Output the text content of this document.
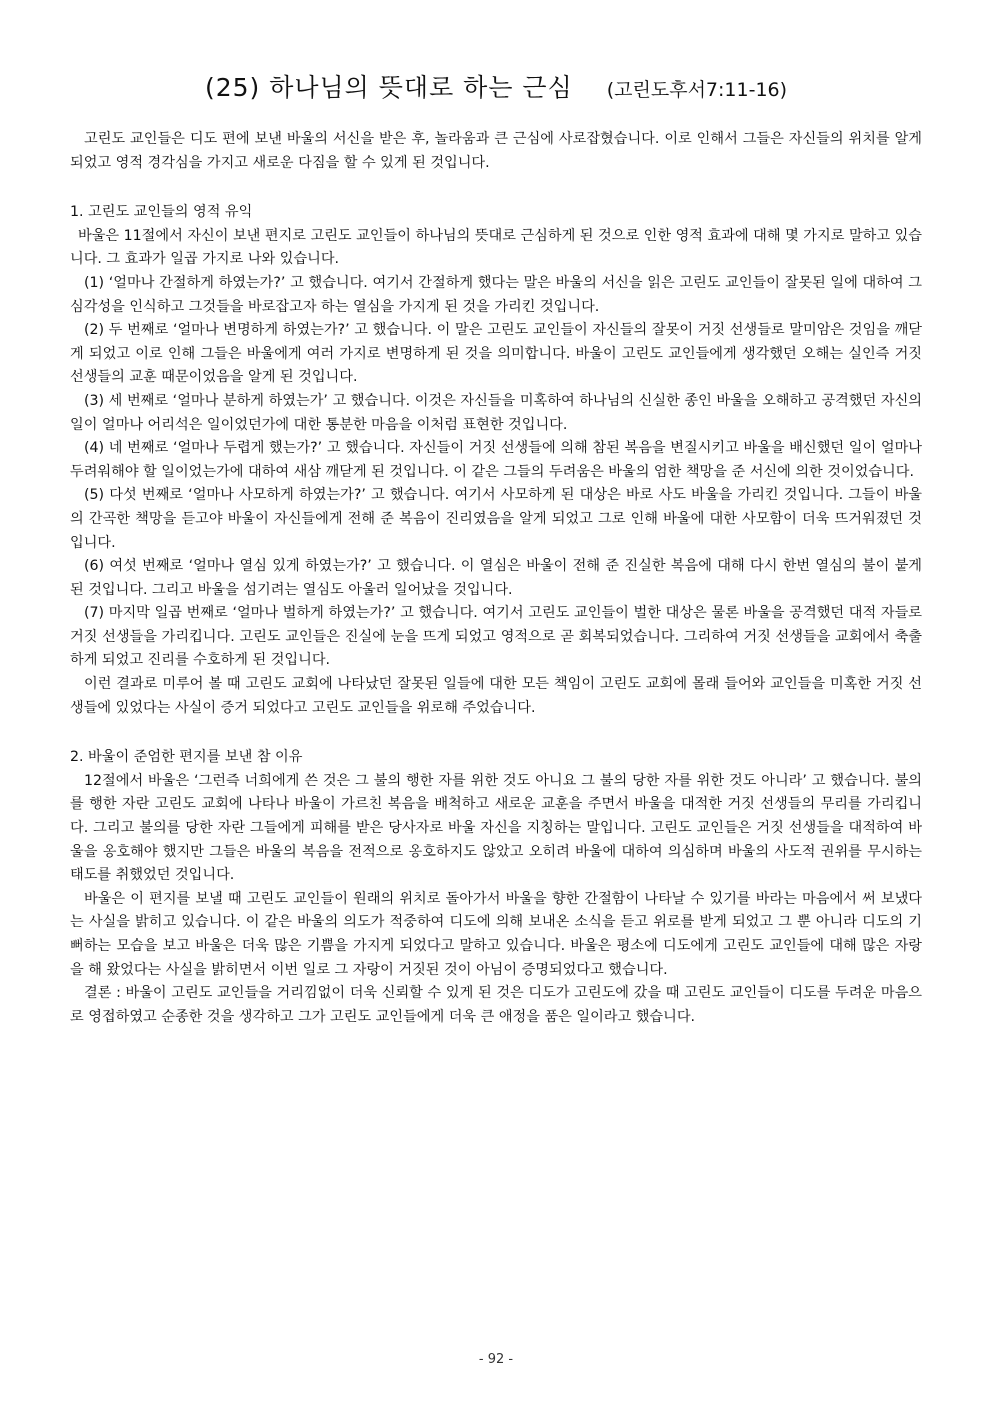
(25) 하나님의 뜻대로 하는 근심 (고린도후서7:11-16)

고린도 교인들은 디도 편에 보낸 바울의 서신을 받은 후, 놀라움과 큰 근심에 사로잡혔습니다. 이로 인해서 그들은 자신들의 위치를 알게 되었고 영적 경각심을 가지고 새로운 다짐을 할 수 있게 된 것입니다.

1. 고린도 교인들의 영적 유익

바울은 11절에서 자신이 보낸 편지로 고린도 교인들이 하나님의 뜻대로 근심하게 된 것으로 인한 영적 효과에 대해 몇 가지로 말하고 있습니다. 그 효과가 일곱 가지로 나와 있습니다.

(1) ‘얼마나 간절하게 하였는가?’ 고 했습니다. 여기서 간절하게 했다는 말은 바울의 서신을 읽은 고린도 교인들이 잘못된 일에 대하여 그 심각성을 인식하고 그것들을 바로잡고자 하는 열심을 가지게 된 것을 가리킨 것입니다.

(2) 두 번째로 ‘얼마나 변명하게 하였는가?’ 고 했습니다. 이 말은 고린도 교인들이 자신들의 잘못이 거짓 선생들로 말미암은 것임을 깨닫게 되었고 이로 인해 그들은 바울에게 여러 가지로 변명하게 된 것을 의미합니다. 바울이 고린도 교인들에게 생각했던 오해는 실인즉 거짓 선생들의 교훈 때문이었음을 알게 된 것입니다.

(3) 세 번째로 ‘얼마나 분하게 하였는가’ 고 했습니다. 이것은 자신들을 미혹하여 하나님의 신실한 종인 바울을 오해하고 공격했던 자신의 일이 얼마나 어리석은 일이었던가에 대한 통분한 마음을 이처럼 표현한 것입니다.

(4) 네 번째로 ‘얼마나 두렵게 했는가?’ 고 했습니다. 자신들이 거짓 선생들에 의해 참된 복음을 변질시키고 바울을 배신했던 일이 얼마나 두려워해야 할 일이었는가에 대하여 새삼 깨닫게 된 것입니다. 이 같은 그들의 두려움은 바울의 엄한 책망을 준 서신에 의한 것이었습니다.

(5) 다섯 번째로 ‘얼마나 사모하게 하였는가?’ 고 했습니다. 여기서 사모하게 된 대상은 바로 사도 바울을 가리킨 것입니다. 그들이 바울의 간곡한 책망을 듣고야 바울이 자신들에게 전해 준 복음이 진리였음을 알게 되었고 그로 인해 바울에 대한 사모함이 더욱 뜨거워졌던 것입니다.

(6) 여섯 번째로 ‘얼마나 열심 있게 하였는가?’ 고 했습니다. 이 열심은 바울이 전해 준 진실한 복음에 대해 다시 한번 열심의 불이 붙게 된 것입니다. 그리고 바울을 섬기려는 열심도 아울러 일어났을 것입니다.

(7) 마지막 일곱 번째로 ‘얼마나 벌하게 하였는가?’ 고 했습니다. 여기서 고린도 교인들이 벌한 대상은 물론 바울을 공격했던 대적 자들로 거짓 선생들을 가리킵니다. 고린도 교인들은 진실에 눈을 뜨게 되었고 영적으로 곧 회복되었습니다. 그리하여 거짓 선생들을 교회에서 축출하게 되었고 진리를 수호하게 된 것입니다.

이런 결과로 미루어 볼 때 고린도 교회에 나타났던 잘못된 일들에 대한 모든 책임이 고린도 교회에 몰래 들어와 교인들을 미혹한 거짓 선생들에 있었다는 사실이 증거 되었다고 고린도 교인들을 위로해 주었습니다.

2. 바울이 준엄한 편지를 보낸 참 이유

12절에서 바울은 ‘그런즉 너희에게 쓴 것은 그 불의 행한 자를 위한 것도 아니요 그 불의 당한 자를 위한 것도 아니라’ 고 했습니다. 불의를 행한 자란 고린도 교회에 나타나 바울이 가르친 복음을 배척하고 새로운 교훈을 주면서 바울을 대적한 거짓 선생들의 무리를 가리킵니다. 그리고 불의를 당한 자란 그들에게 피해를 받은 당사자로 바울 자신을 지칭하는 말입니다. 고린도 교인들은 거짓 선생들을 대적하여 바울을 옹호해야 했지만 그들은 바울의 복음을 전적으로 옹호하지도 않았고 오히려 바울에 대하여 의심하며 바울의 사도적 권위를 무시하는 태도를 취했었던 것입니다.

바울은 이 편지를 보낼 때 고린도 교인들이 원래의 위치로 돌아가서 바울을 향한 간절함이 나타날 수 있기를 바라는 마음에서 써 보냈다는 사실을 밝히고 있습니다. 이 같은 바울의 의도가 적중하여 디도에 의해 보내온 소식을 듣고 위로를 받게 되었고 그 뿐 아니라 디도의 기뻐하는 모습을 보고 바울은 더욱 많은 기쁨을 가지게 되었다고 말하고 있습니다. 바울은 평소에 디도에게 고린도 교인들에 대해 많은 자랑을 해 왔었다는 사실을 밝히면서 이번 일로 그 자랑이 거짓된 것이 아님이 증명되었다고 했습니다.

결론 : 바울이 고린도 교인들을 거리낌없이 더욱 신뢰할 수 있게 된 것은 디도가 고린도에 갔을 때 고린도 교인들이 디도를 두려운 마음으로 영접하였고 순종한 것을 생각하고 그가 고린도 교인들에게 더욱 큰 애정을 품은 일이라고 했습니다.

- 92 -
